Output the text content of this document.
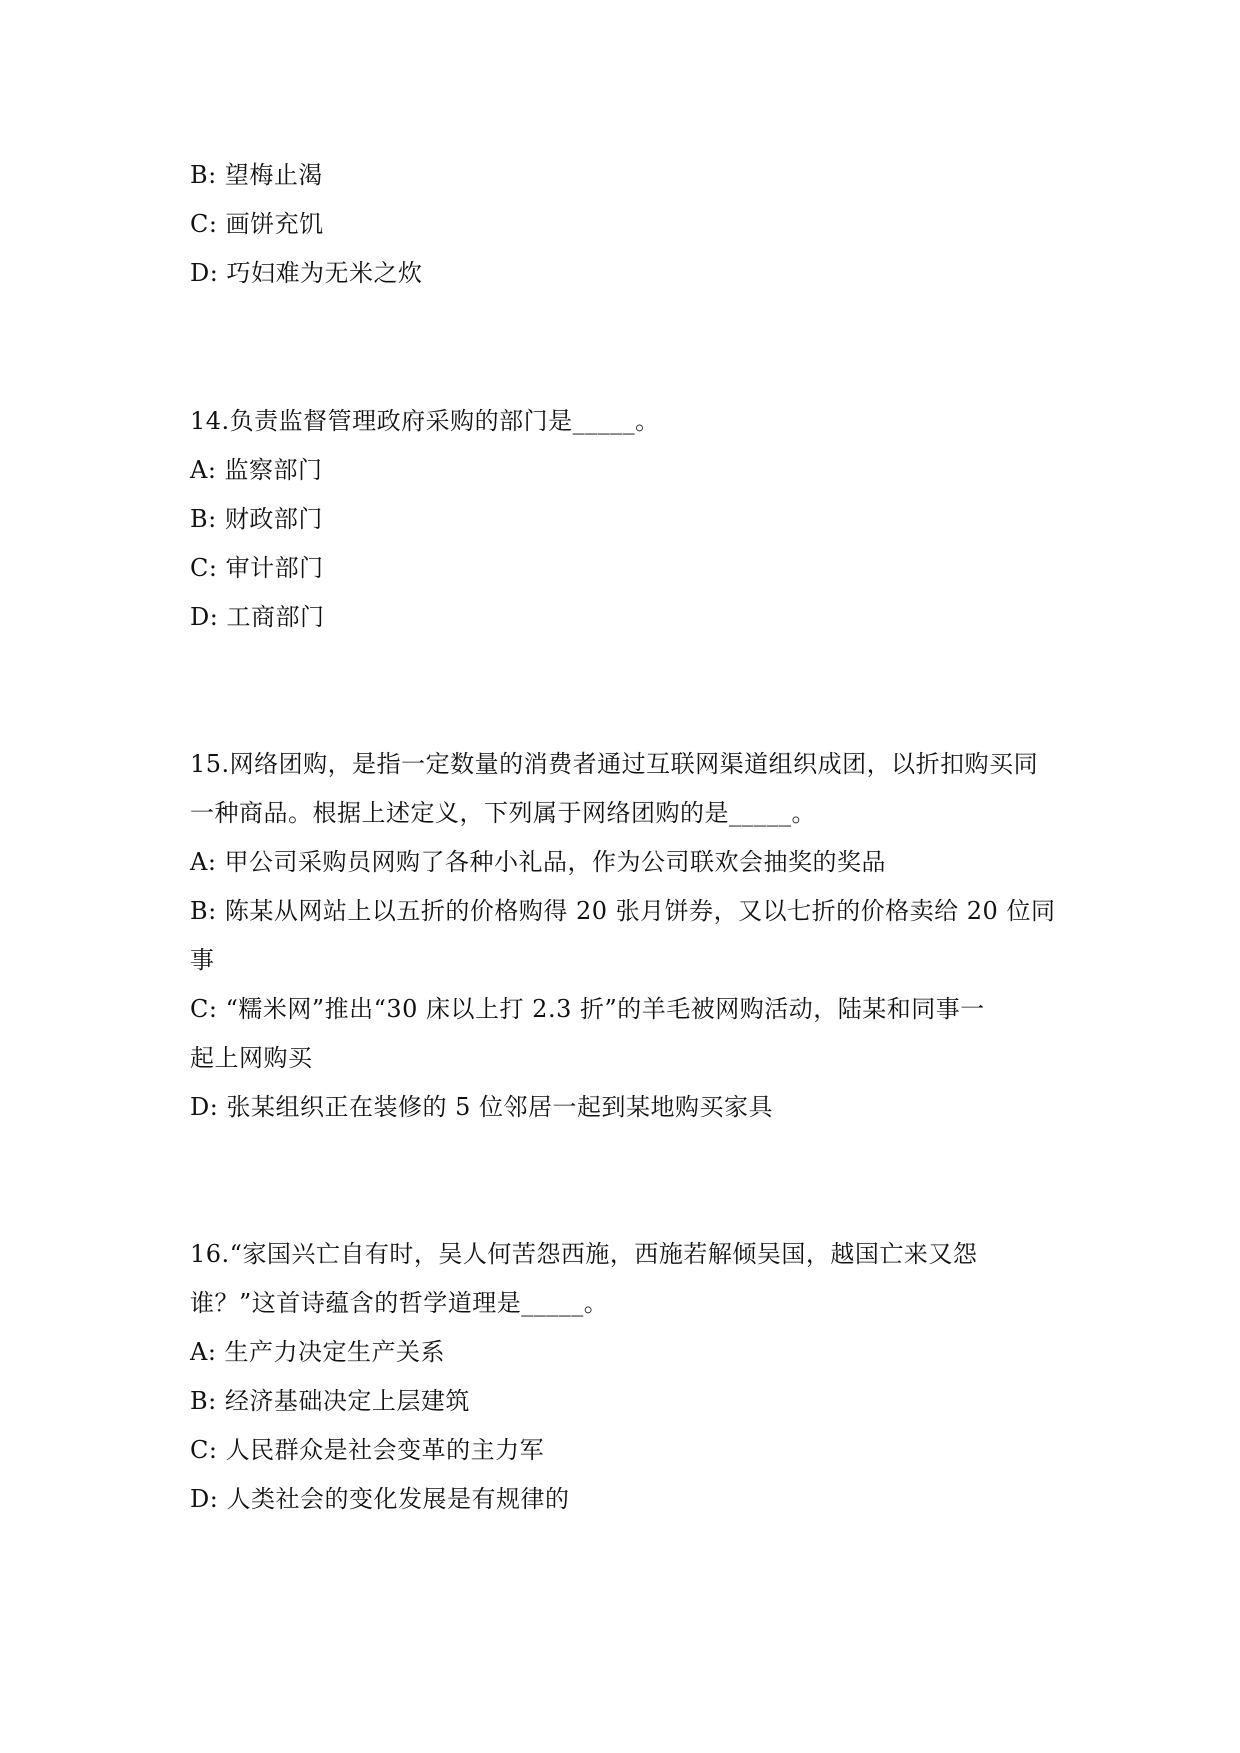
B: 望梅止渴
C: 画饼充饥
D: 巧妇难为无米之炊
14.负责监督管理政府采购的部门是_____。
A: 监察部门
B: 财政部门
C: 审计部门
D: 工商部门
15.网络团购，是指一定数量的消费者通过互联网渠道组织成团，以折扣购买同
一种商品。根据上述定义，下列属于网络团购的是_____。
A: 甲公司采购员网购了各种小礼品，作为公司联欢会抽奖的奖品
B: 陈某从网站上以五折的价格购得 20 张月饼券，又以七折的价格卖给 20 位同
事
C: “糯米网”推出“30 床以上打 2.3 折”的羊毛被网购活动，陆某和同事一
起上网购买
D: 张某组织正在装修的 5 位邻居一起到某地购买家具
16.“家国兴亡自有时，吴人何苦怨西施，西施若解倾吴国，越国亡来又怨
谁？”这首诗蕴含的哲学道理是_____。
A: 生产力决定生产关系
B: 经济基础决定上层建筑
C: 人民群众是社会变革的主力军
D: 人类社会的变化发展是有规律的
